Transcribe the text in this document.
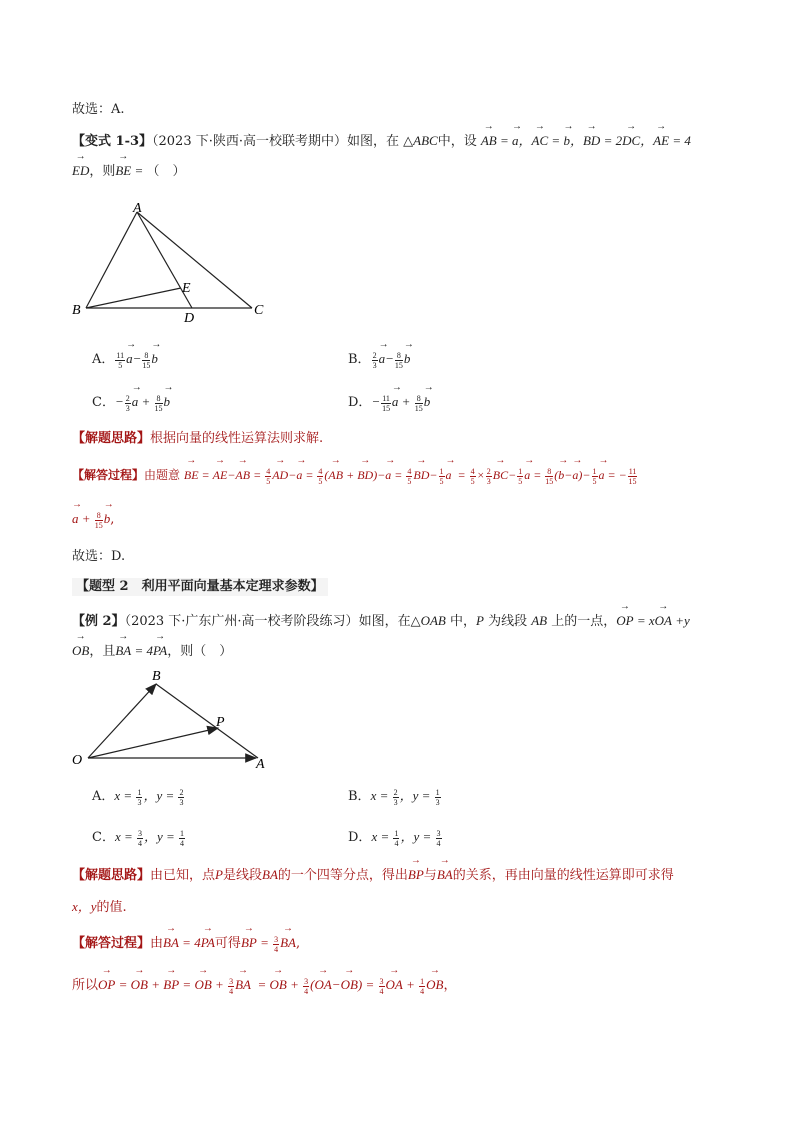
故选：A.
【变式 1-3】（2023 下·陕西·高一校联考期中）如图，在 △ABC中，设 → AB = → a，→ AC = → b，→ BD = 2→ DC，→ AE = 4
→ ED，则→ BE = （　）
A
B	C
D
E
A． $\frac{11}{5}$
→ $a- \frac{8}{15}$
→ b	B． $\frac{2}{3}$
→ $a- \frac{8}{15}$
→ b
C．− $\frac{2}{3}$
→ $a + \frac{8}{15}$
→ b	D．− $\frac{11}{15}$
→ $a + \frac{8}{15}$
→ b
【解题思路】根据向量的线性运算法则求解.
【解答过程】由题意 → BE = → AE−→ AB = $\frac{4}{5}$
→ $AD-\to a = \frac{4}{5}$ (→ AB + → $BD)-\to a = \frac{4}{5}$
→ $BD- \frac{1}{5}$
→ $a = \frac{4}{5} \times \frac{2}{3}$
→ $BC- \frac{1}{5}$
→ $a = \frac{8}{15}$ (→ $b-\to a)- \frac{1}{5}$
→ a = − $\frac{11}{15}$
→ $a + \frac{8}{15}$
→ b,
故选：D.
【题型 2　利用平面向量基本定理求参数】
【例 2】（2023 下·广东广州·高一校考阶段练习）如图，在△OAB 中，P 为线段 AB 上的一点，→ OP = x→ OA +y
→ OB，且→ BA = 4→ PA，则（　）
B
P
O	A
A．$x = \frac{1}{3}$ ，$y = \frac{2}{3}$	B．$x = \frac{2}{3}$ ，$y = \frac{1}{3}$
C．$x = \frac{3}{4}$ ，$y = \frac{1}{4}$	D．$x = \frac{1}{4}$ ，$y = \frac{3}{4}$
【解题思路】由已知，点P是线段BA的一个四等分点，得出→ BP与→ BA的关系，再由向量的线性运算即可求得
x，y的值.
【解答过程】由→ BA = 4→ PA可得→ BP = $\frac{3}{4}$
→ BA,
所以→ OP = → OB + → BP = → OB + $\frac{3}{4}$
→ BA  = → OB + $\frac{3}{4}$ (→ $OA-\to OB) = \frac{3}{4}$
→ OA + $\frac{1}{4}$
→ OB，
